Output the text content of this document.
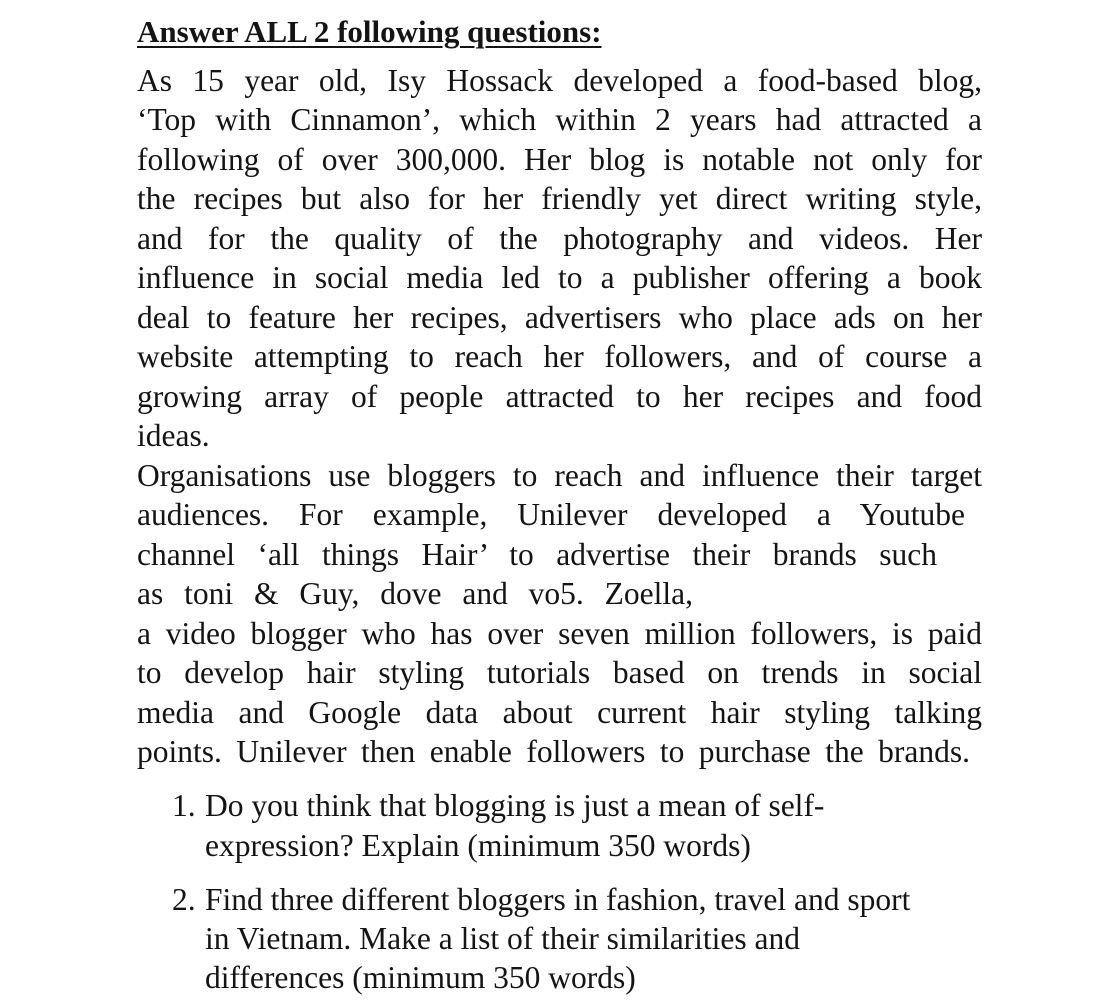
Answer ALL 2 following questions:
As 15 year old, Isy Hossack developed a food-based blog,
‘Top with Cinnamon’, which within 2 years had attracted a
following of over 300,000. Her blog is notable not only for
the recipes but also for her friendly yet direct writing style,
and for the quality of the photography and videos. Her
influence in social media led to a publisher offering a book
deal to feature her recipes, advertisers who place ads on her
website attempting to reach her followers, and of course a
growing array of people attracted to her recipes and food
ideas.
Organisations use bloggers to reach and influence their target
audiences. For example, Unilever developed a Youtube
channel ‘all things Hair’ to advertise their brands such
as toni & Guy, dove and vo5. Zoella,
a video blogger who has over seven million followers, is paid
to develop hair styling tutorials based on trends in social
media and Google data about current hair styling talking
points. Unilever then enable followers to purchase the brands.
1. Do you think that blogging is just a mean of self-
expression? Explain (minimum 350 words)
2. Find three different bloggers in fashion, travel and sport
in Vietnam. Make a list of their similarities and
differences (minimum 350 words)
